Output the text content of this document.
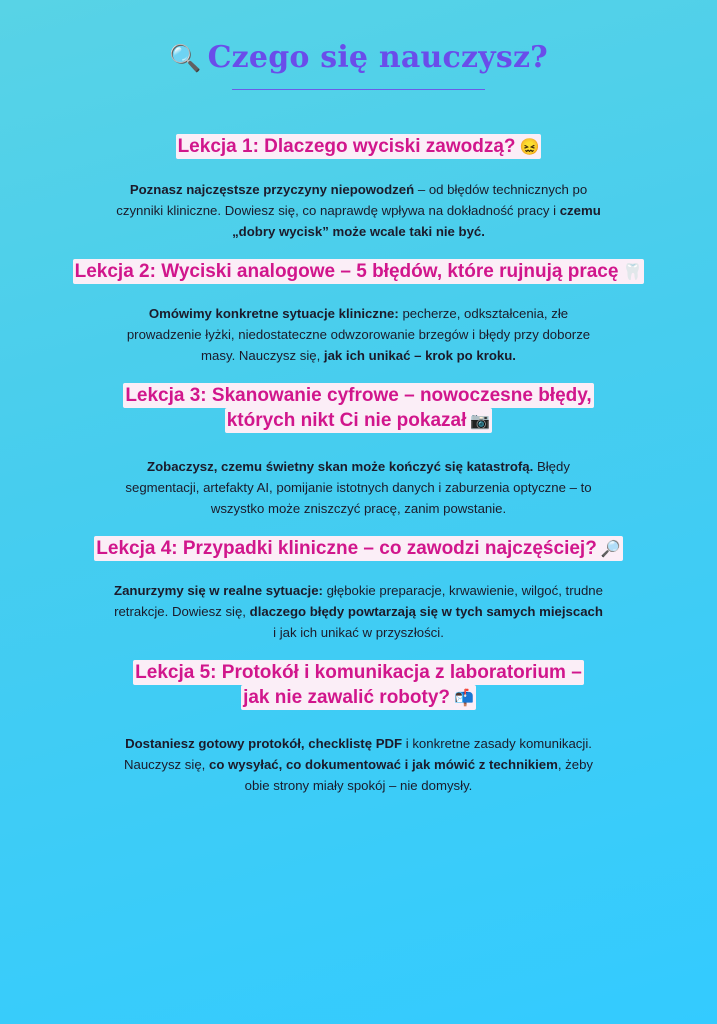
🔍 Czego się nauczysz?
Lekcja 1: Dlaczego wyciski zawodzą? 😖
Poznasz najczęstsze przyczyny niepowodzeń – od błędów technicznych po czynniki kliniczne. Dowiesz się, co naprawdę wpływa na dokładność pracy i czemu „dobry wycisk” może wcale taki nie być.
Lekcja 2: Wyciski analogowe – 5 błędów, które rujnują pracę 🦷
Omówimy konkretne sytuacje kliniczne: pecherze, odkształcenia, złe prowadzenie łyżki, niedostateczne odwzorowanie brzegów i błędy przy doborze masy. Nauczysz się, jak ich unikać – krok po kroku.
Lekcja 3: Skanowanie cyfrowe – nowoczesne błędy, których nikt Ci nie pokazał 📷
Zobaczysz, czemu świetny skan może kończyć się katastrofą. Błędy segmentacji, artefakty AI, pomijanie istotnych danych i zaburzenia optyczne – to wszystko może zniszczyć pracę, zanim powstanie.
Lekcja 4: Przypadki kliniczne – co zawodzi najczęściej? 🔎
Zanurzymy się w realne sytuacje: głębokie preparacje, krwawienie, wilgoć, trudne retrakcje. Dowiesz się, dlaczego błędy powtarzają się w tych samych miejscach i jak ich unikać w przyszłości.
Lekcja 5: Protokół i komunikacja z laboratorium – jak nie zawalić roboty? 📬
Dostaniesz gotowy protokół, checklistę PDF i konkretne zasady komunikacji. Nauczysz się, co wysyłać, co dokumentować i jak mówić z technikiem, żeby obie strony miały spokój – nie domysły.
